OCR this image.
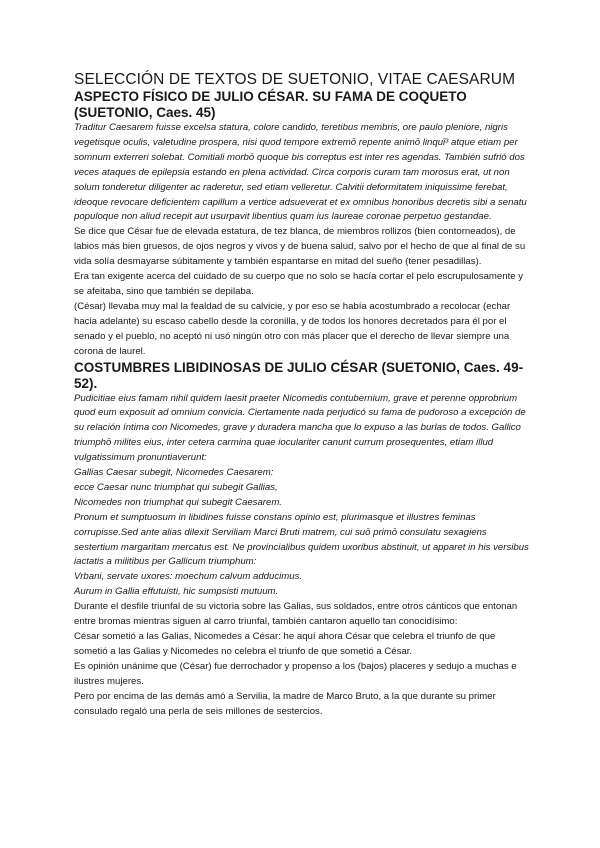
SELECCIÓN DE TEXTOS DE SUETONIO, VITAE CAESARUM
ASPECTO FÍSICO DE JULIO CÉSAR. SU FAMA DE COQUETO (SUETONIO, Caes. 45)

Traditur Caesarem fuisse excelsa statura, colore candido, teretibus membris, ore paulo pleniore, nigris vegetisque oculis, valetudine prospera, nisi quod tempore extremō repente animō linquī³ atque etiam per somnum exterreri solebat. Comitiali morbō quoque bis correptus est inter res agendas. También sufrió dos veces ataques de epilepsia estando en plena actividad. Circa corporis curam tam morosus erat, ut non solum tonderetur diligenter ac raderetur, sed etiam velleretur. Calvitii deformitatem iniquissime ferebat, ideoque revocare deficientem capillum a vertice adsueverat et ex omnibus honoribus decretis sibi a senatu populoque non aliud recepit aut usurpavit libentius quam ius laureae coronae perpetuo gestandae.

Se dice que César fue de elevada estatura, de tez blanca, de miembros rollizos (bien contorneados), de labios más bien gruesos, de ojos negros y vivos y de buena salud, salvo por el hecho de que al final de su vida solía desmayarse súbitamente y también espantarse en mitad del sueño (tener pesadillas).

Era tan exigente acerca del cuidado de su cuerpo que no solo se hacía cortar el pelo escrupulosamente y se afeitaba, sino que también se depilaba.

(César) llevaba muy mal la fealdad de su calvicie, y por eso se había acostumbrado a recolocar (echar hacia adelante) su escaso cabello desde la coronilla, y de todos los honores decretados para él por el senado y el pueblo, no aceptó ni usó ningún otro con más placer que el derecho de llevar siempre una corona de laurel.

COSTUMBRES LIBIDINOSAS DE JULIO CÉSAR (SUETONIO, Caes. 49-52).

Pudicitiae eius famam nihil quidem laesit praeter Nicomedis contubernium, grave et perenne opprobrium quod eum exposuit ad omnium convicia. Ciertamente nada perjudicó su fama de pudoroso a excepción de su relación íntima con Nicomedes, grave y duradera mancha que lo expuso a las burlas de todos. Gallico triumphō milites eius, inter cetera carmina quae ioculariter canunt currum prosequentes, etiam illud vulgatissimum pronuntiaverunt:

Gallias Caesar subegit, Nicomedes Caesarem:

ecce Caesar nunc triumphat qui subegit Gallias,

Nicomedes non triumphat qui subegit Caesarem.

Pronum et sumptuosum in libidines fuisse constans opinio est, plurimasque et illustres feminas corrupisse.Sed ante alias dilexit Serviliam Marci Bruti matrem, cui suō primō consulatu sexagiens sestertium margaritam mercatus est. Ne provincialibus quidem uxoribus abstinuit, ut apparet in his versibus iactatis a militibus per Gallicum triumphum:

Vrbani, servate uxores: moechum calvum adducimus.

Aurum in Gallia effutuisti, hic sumpsisti mutuum.

Durante el desfile triunfal de su victoria sobre las Galias, sus soldados, entre otros cánticos que entonan entre bromas mientras siguen al carro triunfal, también cantaron aquello tan conocidísimo:

César sometió a las Galias, Nicomedes a César: he aquí ahora César que celebra el triunfo de que sometió a las Galias y Nicomedes no celebra el triunfo de que sometió a César.

Es opinión unánime que (César) fue derrochador y propenso a los (bajos) placeres y sedujo a muchas e ilustres mujeres.

Pero por encima de las demás amó a Servilia, la madre de Marco Bruto, a la que durante su primer consulado regaló una perla de seis millones de sestercios.
